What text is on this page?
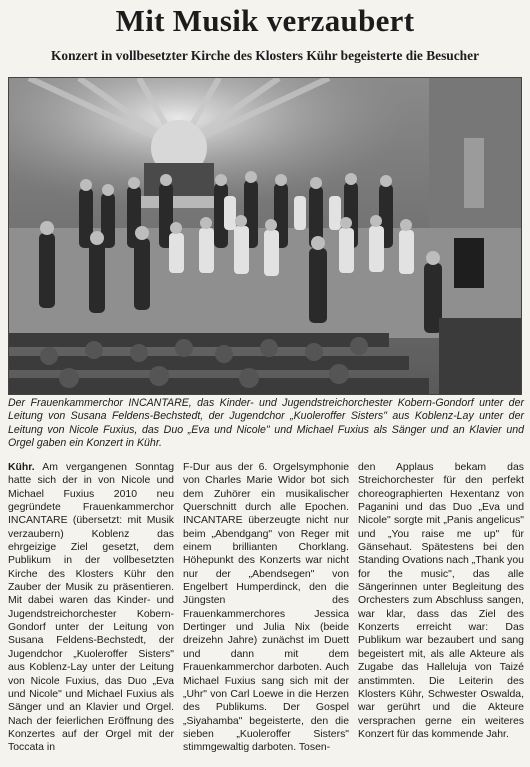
Mit Musik verzaubert
Konzert in vollbesetzter Kirche des Klosters Kühr begeisterte die Besucher

Der Frauenkammerchor INCANTARE, das Kinder- und Jugendstreichorchester Kobern-Gondorf unter der Leitung von Susana Feldens-Bechstedt, der Jugendchor „Kuoleroffer Sisters" aus Koblenz-Lay unter der Leitung von Nicole Fuxius, das Duo „Eva und Nicole" und Michael Fuxius als Sänger und an Klavier und Orgel gaben ein Konzert in Kühr.

Kühr. Am vergangenen Sonntag hatte sich der in von Nicole und Michael Fuxius 2010 neu gegründete Frauenkammerchor INCANTARE (übersetzt: mit Musik verzaubern) Koblenz das ehrgeizige Ziel gesetzt, dem Publikum in der vollbesetzten Kirche des Klosters Kühr den Zauber der Musik zu präsentieren. Mit dabei waren das Kinder- und Jugendstreichorchester Kobern-Gondorf unter der Leitung von Susana Feldens-Bechstedt, der Jugendchor „Kuoleroffer Sisters" aus Koblenz-Lay unter der Leitung von Nicole Fuxius, das Duo „Eva und Nicole" und Michael Fuxius als Sänger und an Klavier und Orgel. Nach der feierlichen Eröffnung des Konzertes auf der Orgel mit der Toccata in

F-Dur aus der 6. Orgelsymphonie von Charles Marie Widor bot sich dem Zuhörer ein musikalischer Querschnitt durch alle Epochen. INCANTARE überzeugte nicht nur beim „Abendgang" von Reger mit einem brillianten Chorklang. Höhepunkt des Konzerts war nicht nur der „Abendsegen" von Engelbert Humperdinck, den die Jüngsten des Frauenkammerchores Jessica Dertinger und Julia Nix (beide dreizehn Jahre) zunächst im Duett und dann mit dem Frauenkammerchor darboten. Auch Michael Fuxius sang sich mit der „Uhr" von Carl Loewe in die Herzen des Publikums. Der Gospel „Siyahamba" begeisterte, den die sieben „Kuoleroffer Sisters" stimmgewaltig darboten. Tosen-

den Applaus bekam das Streichorchester für den perfekt choreographierten Hexentanz von Paganini und das Duo „Eva und Nicole" sorgte mit „Panis angelicus" und „You raise me up" für Gänsehaut. Spätestens bei den Standing Ovations nach „Thank you for the music", das alle Sängerinnen unter Begleitung des Orchesters zum Abschluss sangen, war klar, dass das Ziel des Konzerts erreicht war: Das Publikum war bezaubert und sang begeistert mit, als alle Akteure als Zugabe das Halleluja von Taizé anstimmten. Die Leiterin des Klosters Kühr, Schwester Oswalda, war gerührt und die Akteure versprachen gerne ein weiteres Konzert für das kommende Jahr.
